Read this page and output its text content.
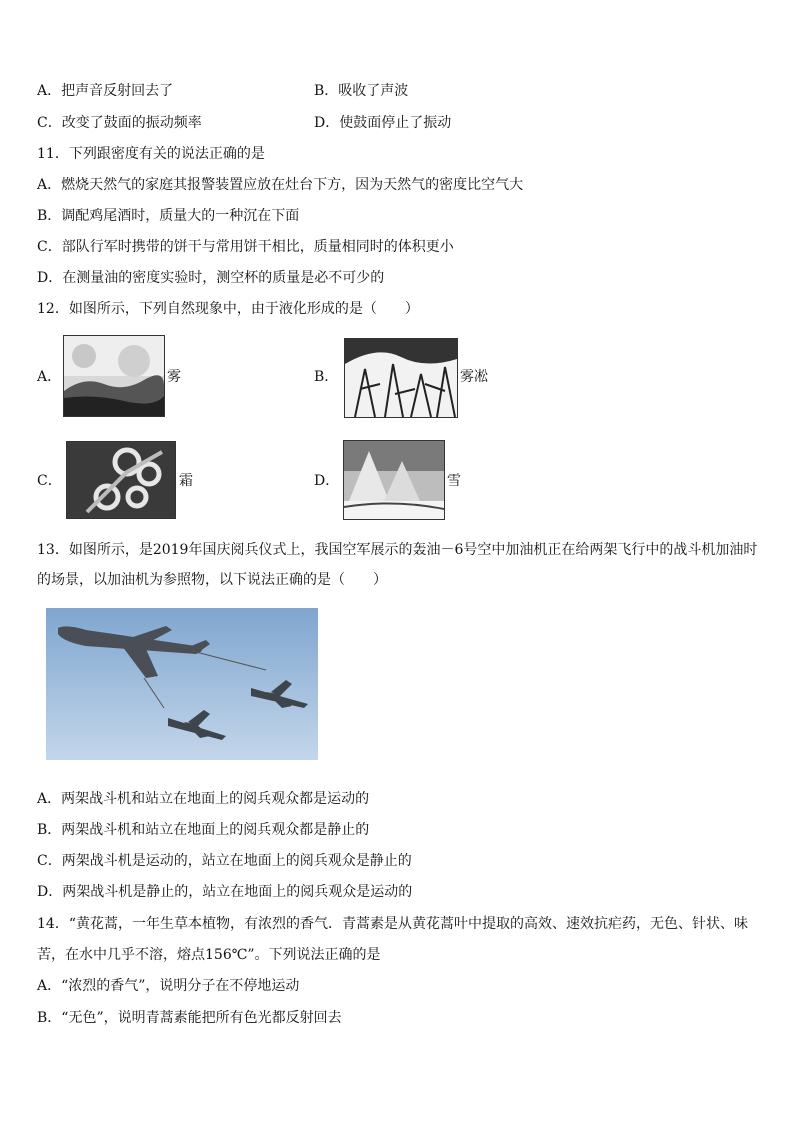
A．把声音反射回去了	B．吸收了声波
C．改变了鼓面的振动频率	D．使鼓面停止了振动
11．下列跟密度有关的说法正确的是
A．燃烧天然气的家庭其报警装置应放在灶台下方，因为天然气的密度比空气大
B．调配鸡尾酒时，质量大的一种沉在下面
C．部队行军时携带的饼干与常用饼干相比，质量相同时的体积更小
D．在测量油的密度实验时，测空杯的质量是必不可少的
12．如图所示，下列自然现象中，由于液化形成的是（　　）
A．	雾	B．	雾凇
C．	霜	D．	雪
13．如图所示，是2019年国庆阅兵仪式上，我国空军展示的轰油－6号空中加油机正在给两架飞行中的战斗机加油时
的场景，以加油机为参照物，以下说法正确的是（　　）
A．两架战斗机和站立在地面上的阅兵观众都是运动的
B．两架战斗机和站立在地面上的阅兵观众都是静止的
C．两架战斗机是运动的，站立在地面上的阅兵观众是静止的
D．两架战斗机是静止的，站立在地面上的阅兵观众是运动的
14．“黄花蒿，一年生草本植物，有浓烈的香气．青蒿素是从黄花蒿叶中提取的高效、速效抗疟药，无色、针状、味
苦，在水中几乎不溶，熔点156℃”。下列说法正确的是
A．“浓烈的香气”，说明分子在不停地运动
B．“无色”，说明青蒿素能把所有色光都反射回去
